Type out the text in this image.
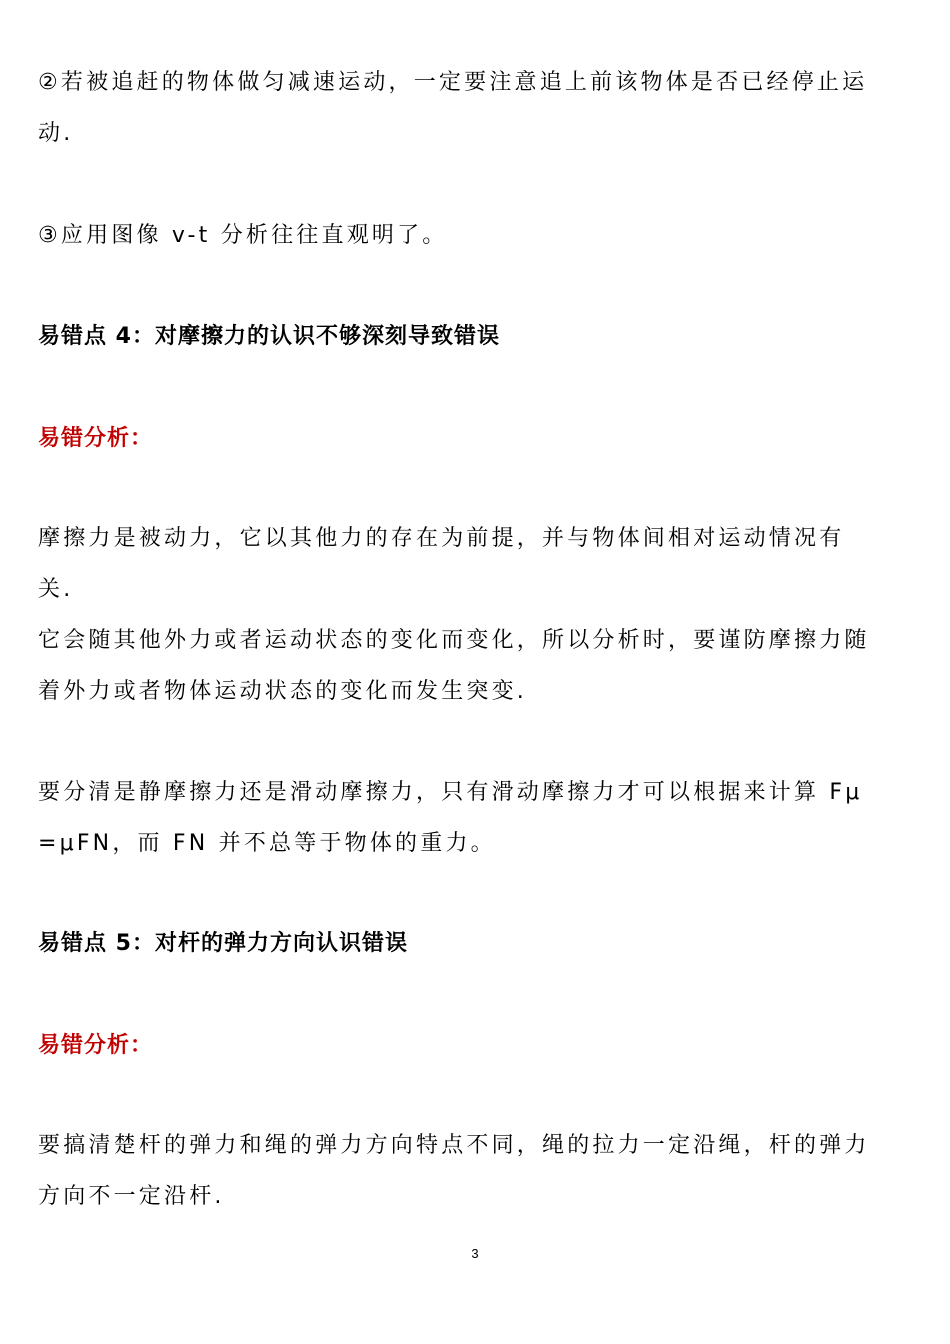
②若被追赶的物体做匀减速运动，一定要注意追上前该物体是否已经停止运

动.

③应用图像 v-t 分析往往直观明了。

易错点 4：对摩擦力的认识不够深刻导致错误

易错分析：

摩擦力是被动力，它以其他力的存在为前提，并与物体间相对运动情况有

关.

它会随其他外力或者运动状态的变化而变化，所以分析时，要谨防摩擦力随

着外力或者物体运动状态的变化而发生突变.

要分清是静摩擦力还是滑动摩擦力，只有滑动摩擦力才可以根据来计算 Fμ

=μFN，而 FN 并不总等于物体的重力。

易错点 5：对杆的弹力方向认识错误

易错分析：

要搞清楚杆的弹力和绳的弹力方向特点不同，绳的拉力一定沿绳，杆的弹力

方向不一定沿杆.

3
